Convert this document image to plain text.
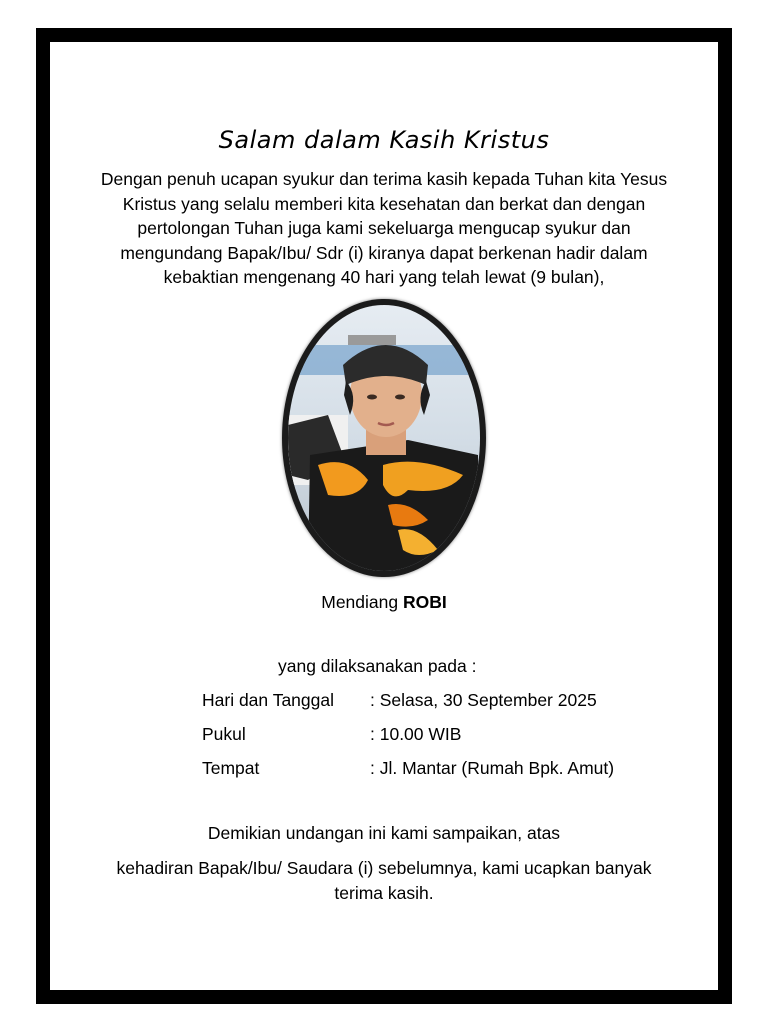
Salam dalam Kasih Kristus
Dengan penuh ucapan syukur dan terima kasih kepada Tuhan kita Yesus Kristus yang selalu memberi kita kesehatan dan berkat dan dengan pertolongan Tuhan juga kami sekeluarga mengucap syukur dan mengundang Bapak/Ibu/ Sdr (i) kiranya dapat berkenan hadir dalam kebaktian mengenang 40 hari yang telah lewat (9 bulan),
Mendiang ROBI
yang dilaksanakan pada :
Hari dan Tanggal : Selasa, 30 September 2025
Pukul	: 10.00 WIB
Tempat	: Jl. Mantar (Rumah Bpk. Amut)
Demikian undangan ini kami sampaikan, atas
kehadiran Bapak/Ibu/ Saudara (i) sebelumnya, kami ucapkan banyak terima kasih.
